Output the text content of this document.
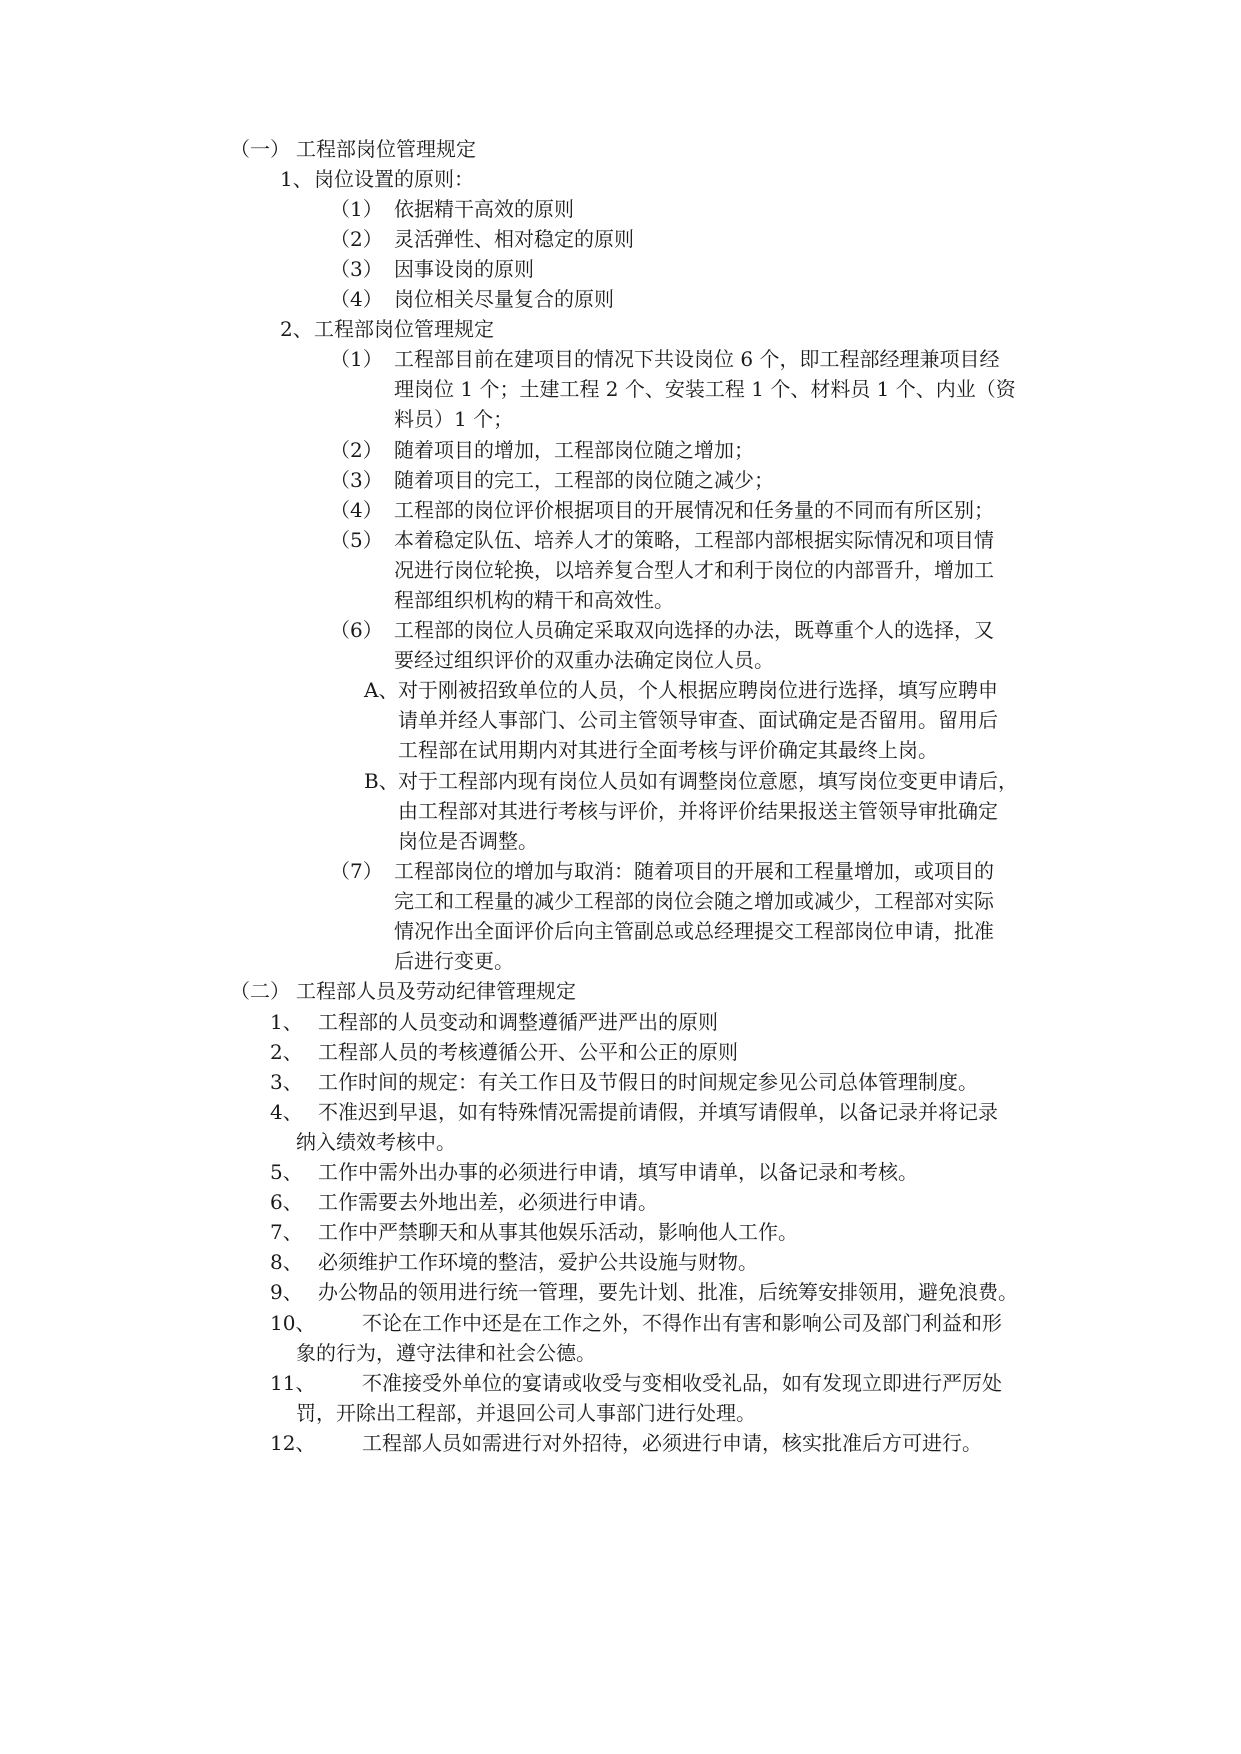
（一） 工程部岗位管理规定
1、 岗位设置的原则：
（1） 依据精干高效的原则
（2） 灵活弹性、相对稳定的原则
（3） 因事设岗的原则
（4） 岗位相关尽量复合的原则
2、 工程部岗位管理规定
（1） 工程部目前在建项目的情况下共设岗位 6 个，即工程部经理兼项目经
理岗位 1 个；土建工程 2 个、安装工程 1 个、材料员 1 个、内业（资
料员）1 个；
（2） 随着项目的增加，工程部岗位随之增加；
（3） 随着项目的完工，工程部的岗位随之减少；
（4） 工程部的岗位评价根据项目的开展情况和任务量的不同而有所区别；
（5） 本着稳定队伍、培养人才的策略，工程部内部根据实际情况和项目情
况进行岗位轮换，以培养复合型人才和利于岗位的内部晋升，增加工
程部组织机构的精干和高效性。
（6） 工程部的岗位人员确定采取双向选择的办法，既尊重个人的选择，又
要经过组织评价的双重办法确定岗位人员。
A、 对于刚被招致单位的人员，个人根据应聘岗位进行选择，填写应聘申
请单并经人事部门、公司主管领导审查、面试确定是否留用。留用后
工程部在试用期内对其进行全面考核与评价确定其最终上岗。
B、 对于工程部内现有岗位人员如有调整岗位意愿，填写岗位变更申请后，
由工程部对其进行考核与评价，并将评价结果报送主管领导审批确定
岗位是否调整。
（7） 工程部岗位的增加与取消：随着项目的开展和工程量增加，或项目的
完工和工程量的减少工程部的岗位会随之增加或减少，工程部对实际
情况作出全面评价后向主管副总或总经理提交工程部岗位申请，批准
后进行变更。
（二） 工程部人员及劳动纪律管理规定
1、 工程部的人员变动和调整遵循严进严出的原则
2、 工程部人员的考核遵循公开、公平和公正的原则
3、 工作时间的规定：有关工作日及节假日的时间规定参见公司总体管理制度。
4、 不准迟到早退，如有特殊情况需提前请假，并填写请假单，以备记录并将记录
纳入绩效考核中。
5、 工作中需外出办事的必须进行申请，填写申请单，以备记录和考核。
6、 工作需要去外地出差，必须进行申请。
7、 工作中严禁聊天和从事其他娱乐活动，影响他人工作。
8、 必须维护工作环境的整洁，爱护公共设施与财物。
9、 办公物品的领用进行统一管理，要先计划、批准，后统筹安排领用，避免浪费。
10、 不论在工作中还是在工作之外，不得作出有害和影响公司及部门利益和形
象的行为，遵守法律和社会公德。
11、 不准接受外单位的宴请或收受与变相收受礼品，如有发现立即进行严厉处
罚，开除出工程部，并退回公司人事部门进行处理。
12、 工程部人员如需进行对外招待，必须进行申请，核实批准后方可进行。
